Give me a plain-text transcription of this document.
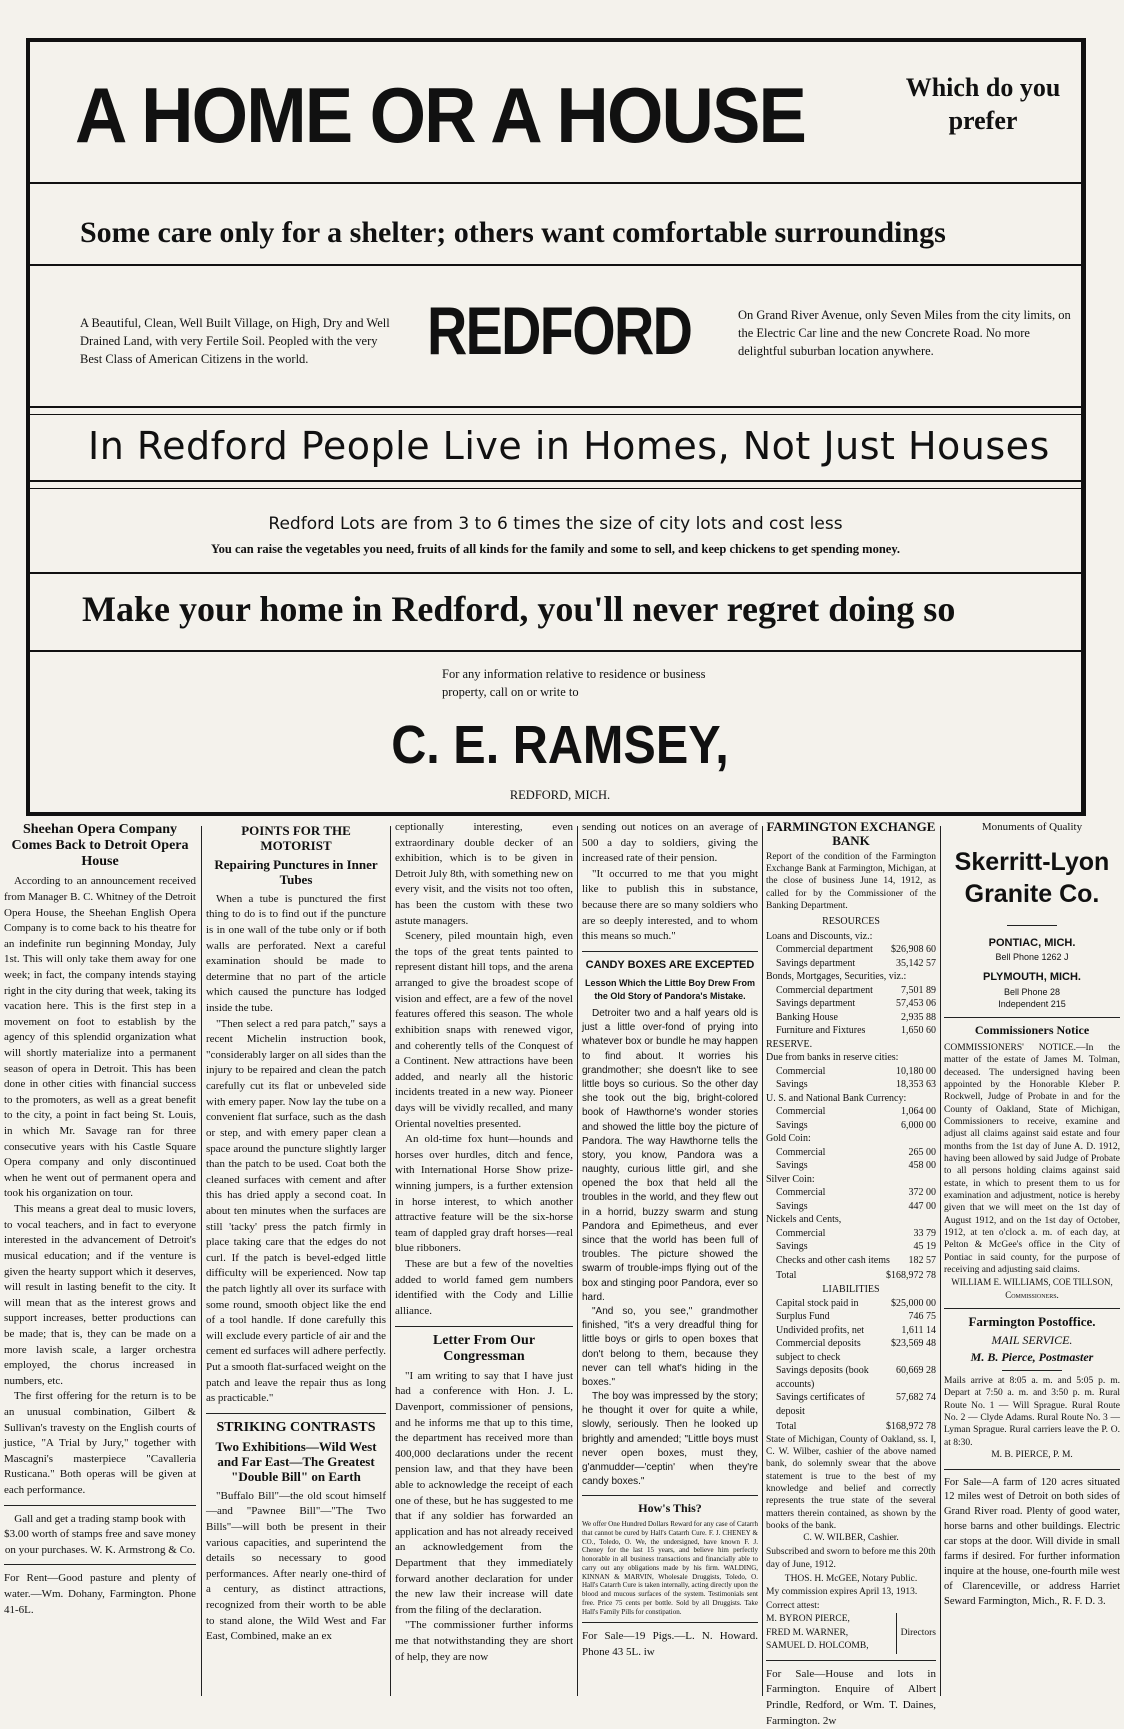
A HOME OR A HOUSE	Which do you
prefer
Some care only for a shelter; others want comfortable surroundings
A Beautiful, Clean, Well Built Village, on High, Dry and Well Drained Land, with very Fertile Soil. Peopled with the very Best Class of American Citizens in the world.	REDFORD	On Grand River Avenue, only Seven Miles from the city limits, on the Electric Car line and the new Concrete Road. No more delightful suburban location anywhere.
In Redford People Live in Homes, Not Just Houses
Redford Lots are from 3 to 6 times the size of city lots and cost less
You can raise the vegetables you need, fruits of all kinds for the family and some to sell, and keep chickens to get spending money.
Make your home in Redford, you'll never regret doing so
For any information relative to residence or business property, call on or write to
C. E. RAMSEY,
REDFORD, MICH.
Sheehan Opera Company Comes Back to Detroit Opera House

According to an announcement received from Manager B. C. Whitney of the Detroit Opera House, the Sheehan English Opera Company is to come back to his theatre for an indefinite run beginning Monday, July 1st. This will only take them away for one week; in fact, the company intends staying right in the city during that week, taking its vacation here. This is the first step in a movement on foot to establish by the agency of this splendid organization what will shortly materialize into a permanent season of opera in Detroit. This has been done in other cities with financial success to the promoters, as well as a great benefit to the city, a point in fact being St. Louis, in which Mr. Savage ran for three consecutive years with his Castle Square Opera company and only discontinued when he went out of permanent opera and took his organization on tour.

This means a great deal to music lovers, to vocal teachers, and in fact to everyone interested in the advancement of Detroit's musical education; and if the venture is given the hearty support which it deserves, will result in lasting benefit to the city. It will mean that as the interest grows and support increases, better productions can be made; that is, they can be made on a more lavish scale, a larger orchestra employed, the chorus increased in numbers, etc.

The first offering for the return is to be an unusual combination, Gilbert & Sullivan's travesty on the English courts of justice, "A Trial by Jury," together with Mascagni's masterpiece "Cavalleria Rusticana." Both operas will be given at each performance.

Gall and get a trading stamp book with $3.00 worth of stamps free and save money on your purchases. W. K. Armstrong & Co.
For Rent—Good pasture and plenty of water.—Wm. Dohany, Farmington. Phone 41-6L.
POINTS FOR THE MOTORIST
Repairing Punctures in Inner Tubes

When a tube is punctured the first thing to do is to find out if the puncture is in one wall of the tube only or if both walls are perforated. Next a careful examination should be made to determine that no part of the article which caused the puncture has lodged inside the tube.

"Then select a red para patch," says a recent Michelin instruction book, "considerably larger on all sides than the injury to be repaired and clean the patch carefully cut its flat or unbeveled side with emery paper. Now lay the tube on a convenient flat surface, such as the dash or step, and with emery paper clean a space around the puncture slightly larger than the patch to be used. Coat both the cleaned surfaces with cement and after this has dried apply a second coat. In about ten minutes when the surfaces are still 'tacky' press the patch firmly in place taking care that the edges do not curl. If the patch is bevel-edged little difficulty will be experienced. Now tap the patch lightly all over its surface with some round, smooth object like the end of a tool handle. If done carefully this will exclude every particle of air and the cement ed surfaces will adhere perfectly. Put a smooth flat-surfaced weight on the patch and leave the repair thus as long as practicable."

STRIKING CONTRASTS
Two Exhibitions—Wild West and Far East—The Greatest "Double Bill" on Earth

"Buffalo Bill"—the old scout himself—and "Pawnee Bill"—"The Two Bills"—will both be present in their various capacities, and superintend the details so necessary to good performances. After nearly one-third of a century, as distinct attractions, recognized from their worth to be able to stand alone, the Wild West and Far East, Combined, make an ex

ceptionally interesting, even extraordinary double decker of an exhibition, which is to be given in Detroit July 8th, with something new on every visit, and the visits not too often, has been the custom with these two astute managers.

Scenery, piled mountain high, even the tops of the great tents painted to represent distant hill tops, and the arena arranged to give the broadest scope of vision and effect, are a few of the novel features offered this season. The whole exhibition snaps with renewed vigor, and coherently tells of the Conquest of a Continent. New attractions have been added, and nearly all the historic incidents treated in a new way. Pioneer days will be vividly recalled, and many Oriental novelties presented.

An old-time fox hunt—hounds and horses over hurdles, ditch and fence, with International Horse Show prize-winning jumpers, is a further extension in horse interest, to which another attractive feature will be the six-horse team of dappled gray draft horses—real blue ribboners.

These are but a few of the novelties added to world famed gem numbers identified with the Cody and Lillie alliance.

Letter From Our Congressman

"I am writing to say that I have just had a conference with Hon. J. L. Davenport, commissioner of pensions, and he informs me that up to this time, the department has received more than 400,000 declarations under the recent pension law, and that they have been able to acknowledge the receipt of each one of these, but he has suggested to me that if any soldier has forwarded an application and has not already received an acknowledgement from the Department that they immediately forward another declaration for under the new law their increase will date from the filing of the declaration.

"The commissioner further informs me that notwithstanding they are short of help, they are now

sending out notices on an average of 500 a day to soldiers, giving the increased rate of their pension.

"It occurred to me that you might like to publish this in substance, because there are so many soldiers who are so deeply interested, and to whom this means so much."

CANDY BOXES ARE EXCEPTED
Lesson Which the Little Boy Drew From the Old Story of Pandora's Mistake.

Detroiter two and a half years old is just a little over-fond of prying into whatever box or bundle he may happen to find about. It worries his grandmother; she doesn't like to see little boys so curious. So the other day she took out the big, bright-colored book of Hawthorne's wonder stories and showed the little boy the picture of Pandora. The way Hawthorne tells the story, you know, Pandora was a naughty, curious little girl, and she opened the box that held all the troubles in the world, and they flew out in a horrid, buzzy swarm and stung Pandora and Epimetheus, and ever since that the world has been full of troubles. The picture showed the swarm of trouble-imps flying out of the box and stinging poor Pandora, ever so hard.

"And so, you see," grandmother finished, "it's a very dreadful thing for little boys or girls to open boxes that don't belong to them, because they never can tell what's hiding in the boxes."

The boy was impressed by the story; he thought it over for quite a while, slowly, seriously. Then he looked up brightly and amended; "Little boys must never open boxes, must they, g'anmudder—'ceptin' when they're candy boxes."

How's This?
We offer One Hundred Dollars Reward for any case of Catarrh that cannot be cured by Hall's Catarrh Cure. F. J. CHENEY & CO., Toledo, O. We, the undersigned, have known F. J. Cheney for the last 15 years, and believe him perfectly honorable in all business transactions and financially able to carry out any obligations made by his firm. WALDING, KINNAN & MARVIN, Wholesale Druggists, Toledo, O. Hall's Catarrh Cure is taken internally, acting directly upon the blood and mucous surfaces of the system. Testimonials sent free. Price 75 cents per bottle. Sold by all Druggists. Take Hall's Family Pills for constipation.
For Sale—19 Pigs.—L. N. Howard. Phone 43 5L. iw
FARMINGTON EXCHANGE BANK
Report of the condition of the Farmington Exchange Bank at Farmington, Michigan, at the close of business June 14, 1912, as called for by the Commissioner of the Banking Department.
RESOURCES
Loans and Discounts, viz.:
Commercial department	$26,908 60
Savings department	35,142 57
Bonds, Mortgages, Securities, viz.:
Commercial department	7,501 89
Savings department	57,453 06
Banking House	2,935 88
Furniture and Fixtures	1,650 60
RESERVE.
Due from banks in reserve cities:
Commercial	10,180 00
Savings	18,353 63
U. S. and National Bank Currency:
Commercial	1,064 00
Savings	6,000 00
Gold Coin:
Commercial	265 00
Savings	458 00
Silver Coin:
Commercial	372 00
Savings	447 00
Nickels and Cents,
Commercial	33 79
Savings	45 19
Checks and other cash items	182 57
Total	$168,972 78
LIABILITIES
Capital stock paid in	$25,000 00
Surplus Fund	746 75
Undivided profits, net	1,611 14
Commercial deposits subject to check
$23,569 48
Savings deposits (book accounts)
60,669 28
Savings certificates of deposit
57,682 74
Total	$168,972 78
State of Michigan, County of Oakland, ss. I, C. W. Wilber, cashier of the above named bank, do solemnly swear that the above statement is true to the best of my knowledge and belief and correctly represents the true state of the several matters therein contained, as shown by the books of the bank.
C. W. WILBER, Cashier.
Subscribed and sworn to before me this 20th day of June, 1912.
THOS. H. McGEE, Notary Public.
My commission expires April 13, 1913.
Correct attest:
M. BYRON PIERCE,
FRED M. WARNER,
SAMUEL D. HOLCOMB,
Directors
For Sale—House and lots in Farmington. Enquire of Albert Prindle, Redford, or Wm. T. Daines, Farmington. 2w
Monuments of Quality
Skerritt-Lyon Granite Co.
PONTIAC, MICH.
Bell Phone 1262 J
PLYMOUTH, MICH.
Bell Phone 28
Independent 215
Commissioners Notice
COMMISSIONERS' NOTICE.—In the matter of the estate of James M. Tolman, deceased. The undersigned having been appointed by the Honorable Kleber P. Rockwell, Judge of Probate in and for the County of Oakland, State of Michigan, Commissioners to receive, examine and adjust all claims against said estate and four months from the 1st day of June A. D. 1912, having been allowed by said Judge of Probate to all persons holding claims against said estate, in which to present them to us for examination and adjustment, notice is hereby given that we will meet on the 1st day of August 1912, and on the 1st day of October, 1912, at ten o'clock a. m. of each day, at Pelton & McGee's office in the City of Pontiac in said county, for the purpose of receiving and adjusting said claims.
WILLIAM E. WILLIAMS, COE TILLSON, Commissioners.
Farmington Postoffice.
MAIL SERVICE.
M. B. Pierce, Postmaster
Mails arrive at 8:05 a. m. and 5:05 p. m. Depart at 7:50 a. m. and 3:50 p. m. Rural Route No. 1 — Will Sprague. Rural Route No. 2 — Clyde Adams. Rural Route No. 3 — Lyman Sprague. Rural carriers leave the P. O. at 8:30.
M. B. PIERCE, P. M.
For Sale—A farm of 120 acres situated 12 miles west of Detroit on both sides of Grand River road. Plenty of good water, horse barns and other buildings. Electric car stops at the door. Will divide in small farms if desired. For further information inquire at the house, one-fourth mile west of Clarenceville, or address Harriet Seward Farmington, Mich., R. F. D. 3.
